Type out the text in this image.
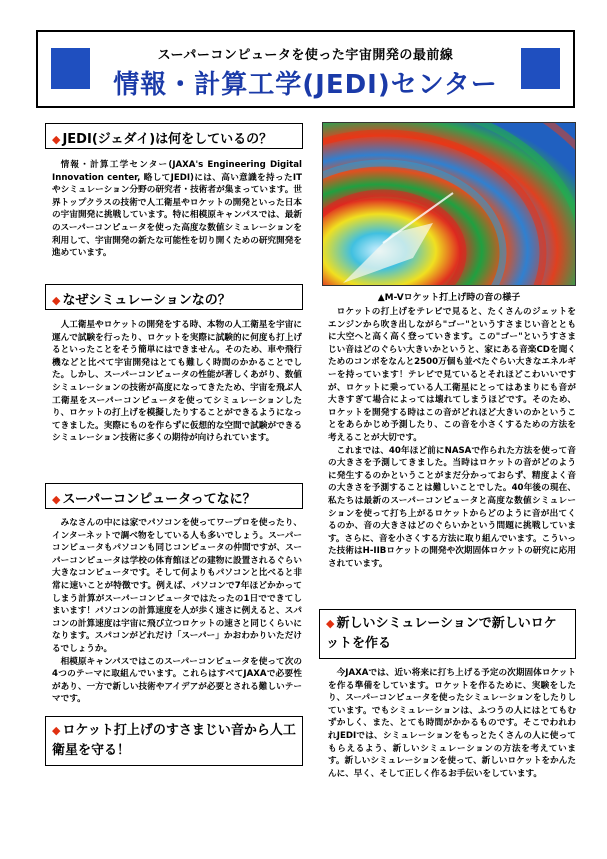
スーパーコンピュータを使った宇宙開発の最前線
情報・計算工学(JEDI)センター
◆ JEDI(ジェダイ)は何をしているの？

情報・計算工学センター(JAXA's Engineering Digital Innovation center, 略してJEDI)には、高い意識を持ったITやシミュレーション分野の研究者・技術者が集まっています。世界トップクラスの技術で人工衛星やロケットの開発といった日本の宇宙開発に挑戦しています。特に相模原キャンパスでは、最新のスーパーコンピュータを使った高度な数値シミュレーションを利用して、宇宙開発の新たな可能性を切り開くための研究開発を進めています。

◆ なぜシミュレーションなの？

人工衛星やロケットの開発をする時、本物の人工衛星を宇宙に運んで試験を行ったり、ロケットを実際に試験的に何度も打上げるといったことをそう簡単にはできません。そのため、車や飛行機などと比べて宇宙開発はとても難しく時間のかかることでした。しかし、スーパーコンピュータの性能が著しくあがり、数値シミュレーションの技術が高度になってきたため、宇宙を飛ぶ人工衛星をスーパーコンピュータを使ってシミュレーションしたり、ロケットの打上げを模擬したりすることができるようになってきました。実際にものを作らずに仮想的な空間で試験ができるシミュレーション技術に多くの期待が向けられています。

◆ スーパーコンピュータってなに？

みなさんの中には家でパソコンを使ってワープロを使ったり、インターネットで調べ物をしている人も多いでしょう。スーパーコンピュータもパソコンも同じコンピュータの仲間ですが、スーパーコンピュータは学校の体育館ほどの建物に設置されるぐらい大きなコンピュータです。そして何よりもパソコンと比べると非常に速いことが特徴です。例えば、パソコンで7年ほどかかってしまう計算がスーパーコンピュータではたったの1日でできてしまいます！パソコンの計算速度を人が歩く速さに例えると、スパコンの計算速度は宇宙に飛び立つロケットの速さと同じくらいになります。スパコンがどれだけ「スーパー」かおわかりいただけるでしょうか。

相模原キャンパスではこのスーパーコンピュータを使って次の4つのテーマに取組んでいます。これらはすべてJAXAで必要性があり、一方で新しい技術やアイデアが必要とされる難しいテーマです。

◆ ロケット打上げのすさまじい音から人工衛星を守る！
▲M-Vロケット打上げ時の音の様子

ロケットの打上げをテレビで見ると、たくさんのジェットをエンジンから吹き出しながら"ゴー"というすさまじい音とともに大空へと高く高く登っていきます。この"ゴー"というすさまじい音はどのぐらい大きいかというと、家にある音楽CDを聞くためのコンポをなんと2500万個も並べたぐらい大きなエネルギーを持っています！テレビで見ているとそれほどこわいいですが、ロケットに乗っている人工衛星にとってはあまりにも音が大きすぎて場合によっては壊れてしまうほどです。そのため、ロケットを開発する時はこの音がどれほど大きいのかということをあらかじめ予測したり、この音を小さくするための方法を考えることが大切です。

これまでは、40年ほど前にNASAで作られた方法を使って音の大きさを予測してきました。当時はロケットの音がどのように発生するのかということがまだ分かっておらず、精度よく音の大きさを予測することは難しいことでした。40年後の現在、私たちは最新のスーパーコンピュータと高度な数値シミュレーションを使って打ち上がるロケットからどのように音が出てくるのか、音の大きさはどのぐらいかという問題に挑戦しています。さらに、音を小さくする方法に取り組んでいます。こういった技術はH-IIBロケットの開発や次期固体ロケットの研究に応用されています。

◆ 新しいシミュレーションで新しいロケットを作る

今JAXAでは、近い将来に打ち上げる予定の次期固体ロケットを作る準備をしています。ロケットを作るために、実験をしたり、スーパーコンピュータを使ったシミュレーションをしたりしています。でもシミュレーションは、ふつうの人にはとてもむずかしく、また、とても時間がかかるものです。そこでわれわれJEDIでは、シミュレーションをもっとたくさんの人に使ってもらえるよう、新しいシミュレーションの方法を考えています。新しいシミュレーションを使って、新しいロケットをかんたんに、早く、そして正しく作るお手伝いをしています。
